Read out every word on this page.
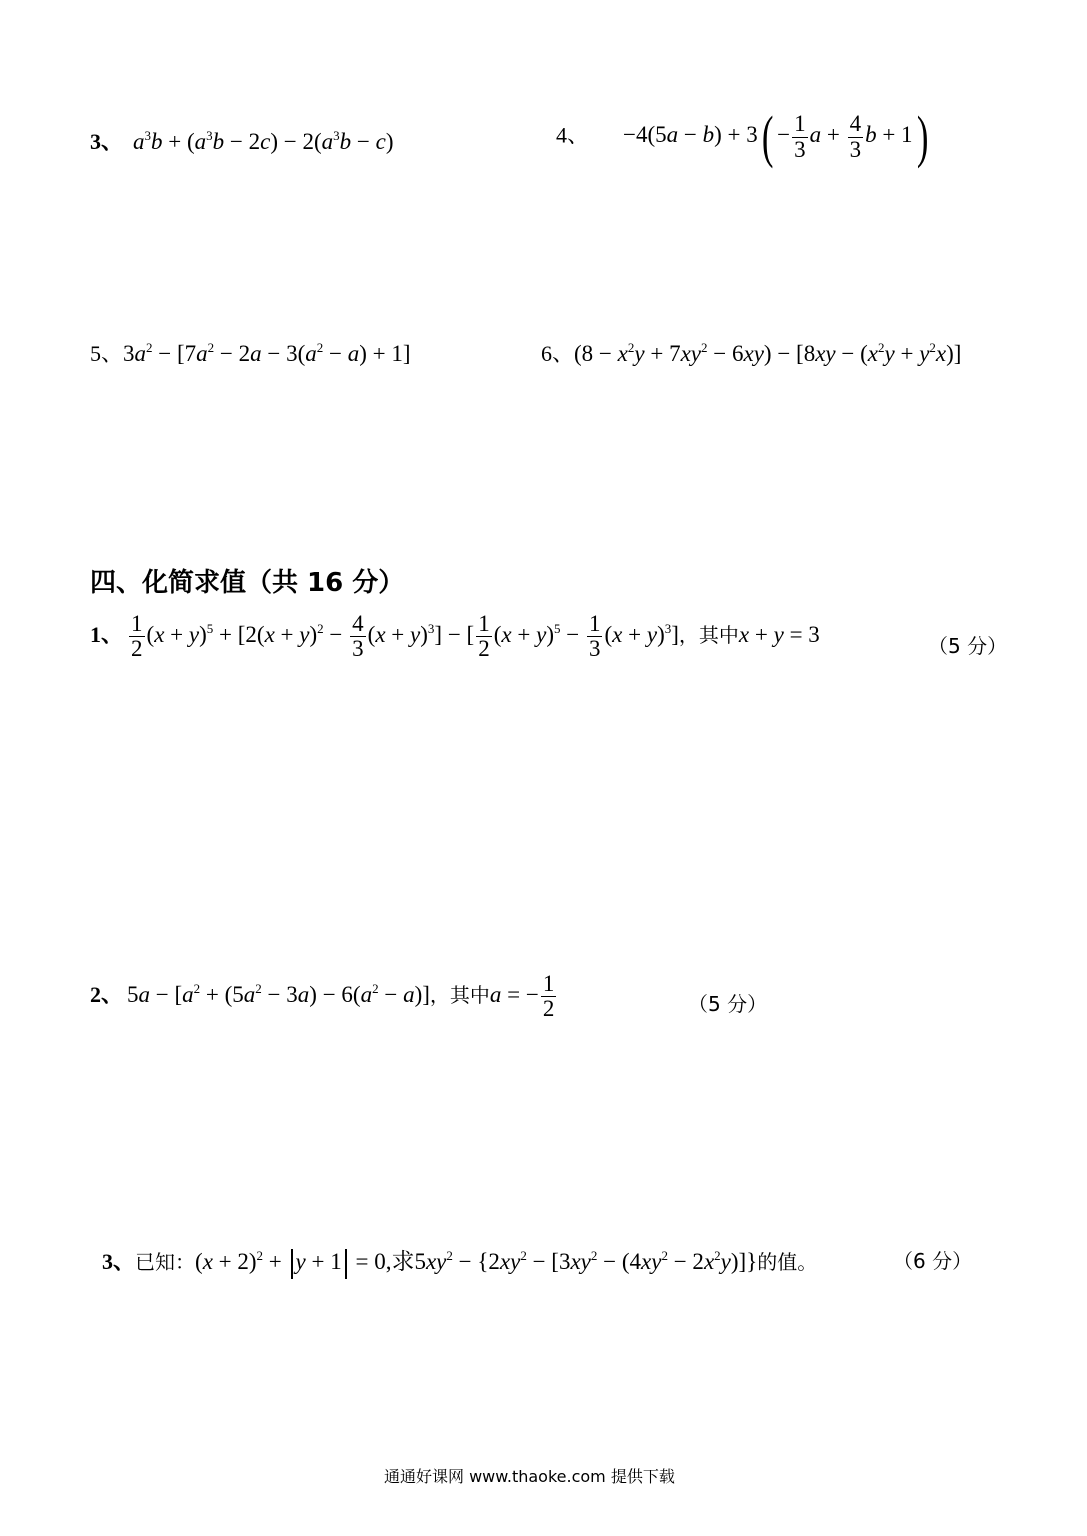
3、 $a^3b + (a^3b - 2c) - 2(a^3b - c)$	4、 $-4(5a - b) + 3( - \frac{1}{3}$ $a + \frac{4}{3}$ b + 1)
5、$3a^2 - [7a^2 - 2a - 3(a^2 - a) + 1]$	6、$(8 - x^2y + 7xy^2 - 6xy) - [8xy - (x^2y + y^2x)]$
四、化简求值（共 16 分）
1、 $\frac{1}{2} (x + y)^5 + [2(x + y)^2 - \frac{4}{3} (x + y)^3]$ − [ $\frac{1}{2} (x + y)^5 - \frac{1}{3} (x + y)^3$]，其中x + y = 3	（5 分）
2、 $5a - [a^2 + (5a^2 - 3a) - 6(a^2 - a)]$，其中a = − $\frac{1}{2}$	（5 分）
3、已知：$(x + 2)^2 + y + 1 = 0$,求$5xy^2 - \{2xy^2 - [3xy^2 - (4xy^2 - 2x^2y)]\}$的值。	（6 分）
通通好课网 www.thaoke.com 提供下载
